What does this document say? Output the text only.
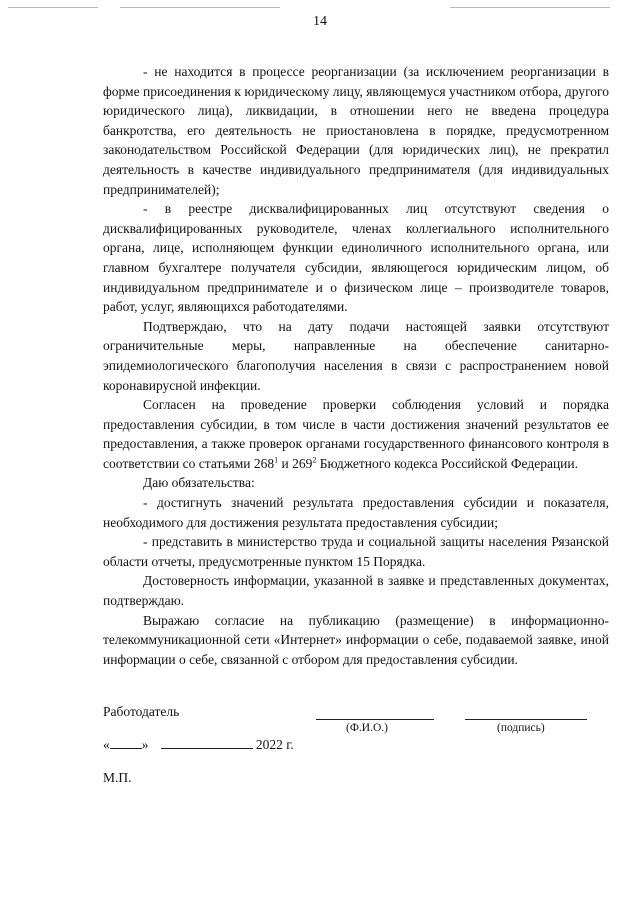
14

- не находится в процессе реорганизации (за исключением реорганизации в форме присоединения к юридическому лицу, являющемуся участником отбора, другого юридического лица), ликвидации, в отношении него не введена процедура банкротства, его деятельность не приостановлена в порядке, предусмотренном законодательством Российской Федерации (для юридических лиц), не прекратил деятельность в качестве индивидуального предпринимателя (для индивидуальных предпринимателей);

- в реестре дисквалифицированных лиц отсутствуют сведения о дисквалифицированных руководителе, членах коллегиального исполнительного органа, лице, исполняющем функции единоличного исполнительного органа, или главном бухгалтере получателя субсидии, являющегося юридическим лицом, об индивидуальном предпринимателе и о физическом лице – производителе товаров, работ, услуг, являющихся работодателями.

Подтверждаю, что на дату подачи настоящей заявки отсутствуют ограничительные меры, направленные на обеспечение санитарно-эпидемиологического благополучия населения в связи с распространением новой коронавирусной инфекции.

Согласен на проведение проверки соблюдения условий и порядка предоставления субсидии, в том числе в части достижения значений результатов ее предоставления, а также проверок органами государственного финансового контроля в соответствии со статьями $268^1$ и $269^2$ Бюджетного кодекса Российской Федерации.

Даю обязательства:

- достигнуть значений результата предоставления субсидии и показателя, необходимого для достижения результата предоставления субсидии;

- представить в министерство труда и социальной защиты населения Рязанской области отчеты, предусмотренные пунктом 15 Порядка.

Достоверность информации, указанной в заявке и представленных документах, подтверждаю.

Выражаю согласие на публикацию (размещение) в информационно-телекоммуникационной сети «Интернет» информации о себе, подаваемой заявке, иной информации о себе, связанной с отбором для предоставления субсидии.

Работодатель
(Ф.И.О.)	(подпись)
« »	2022 г.
М.П.
